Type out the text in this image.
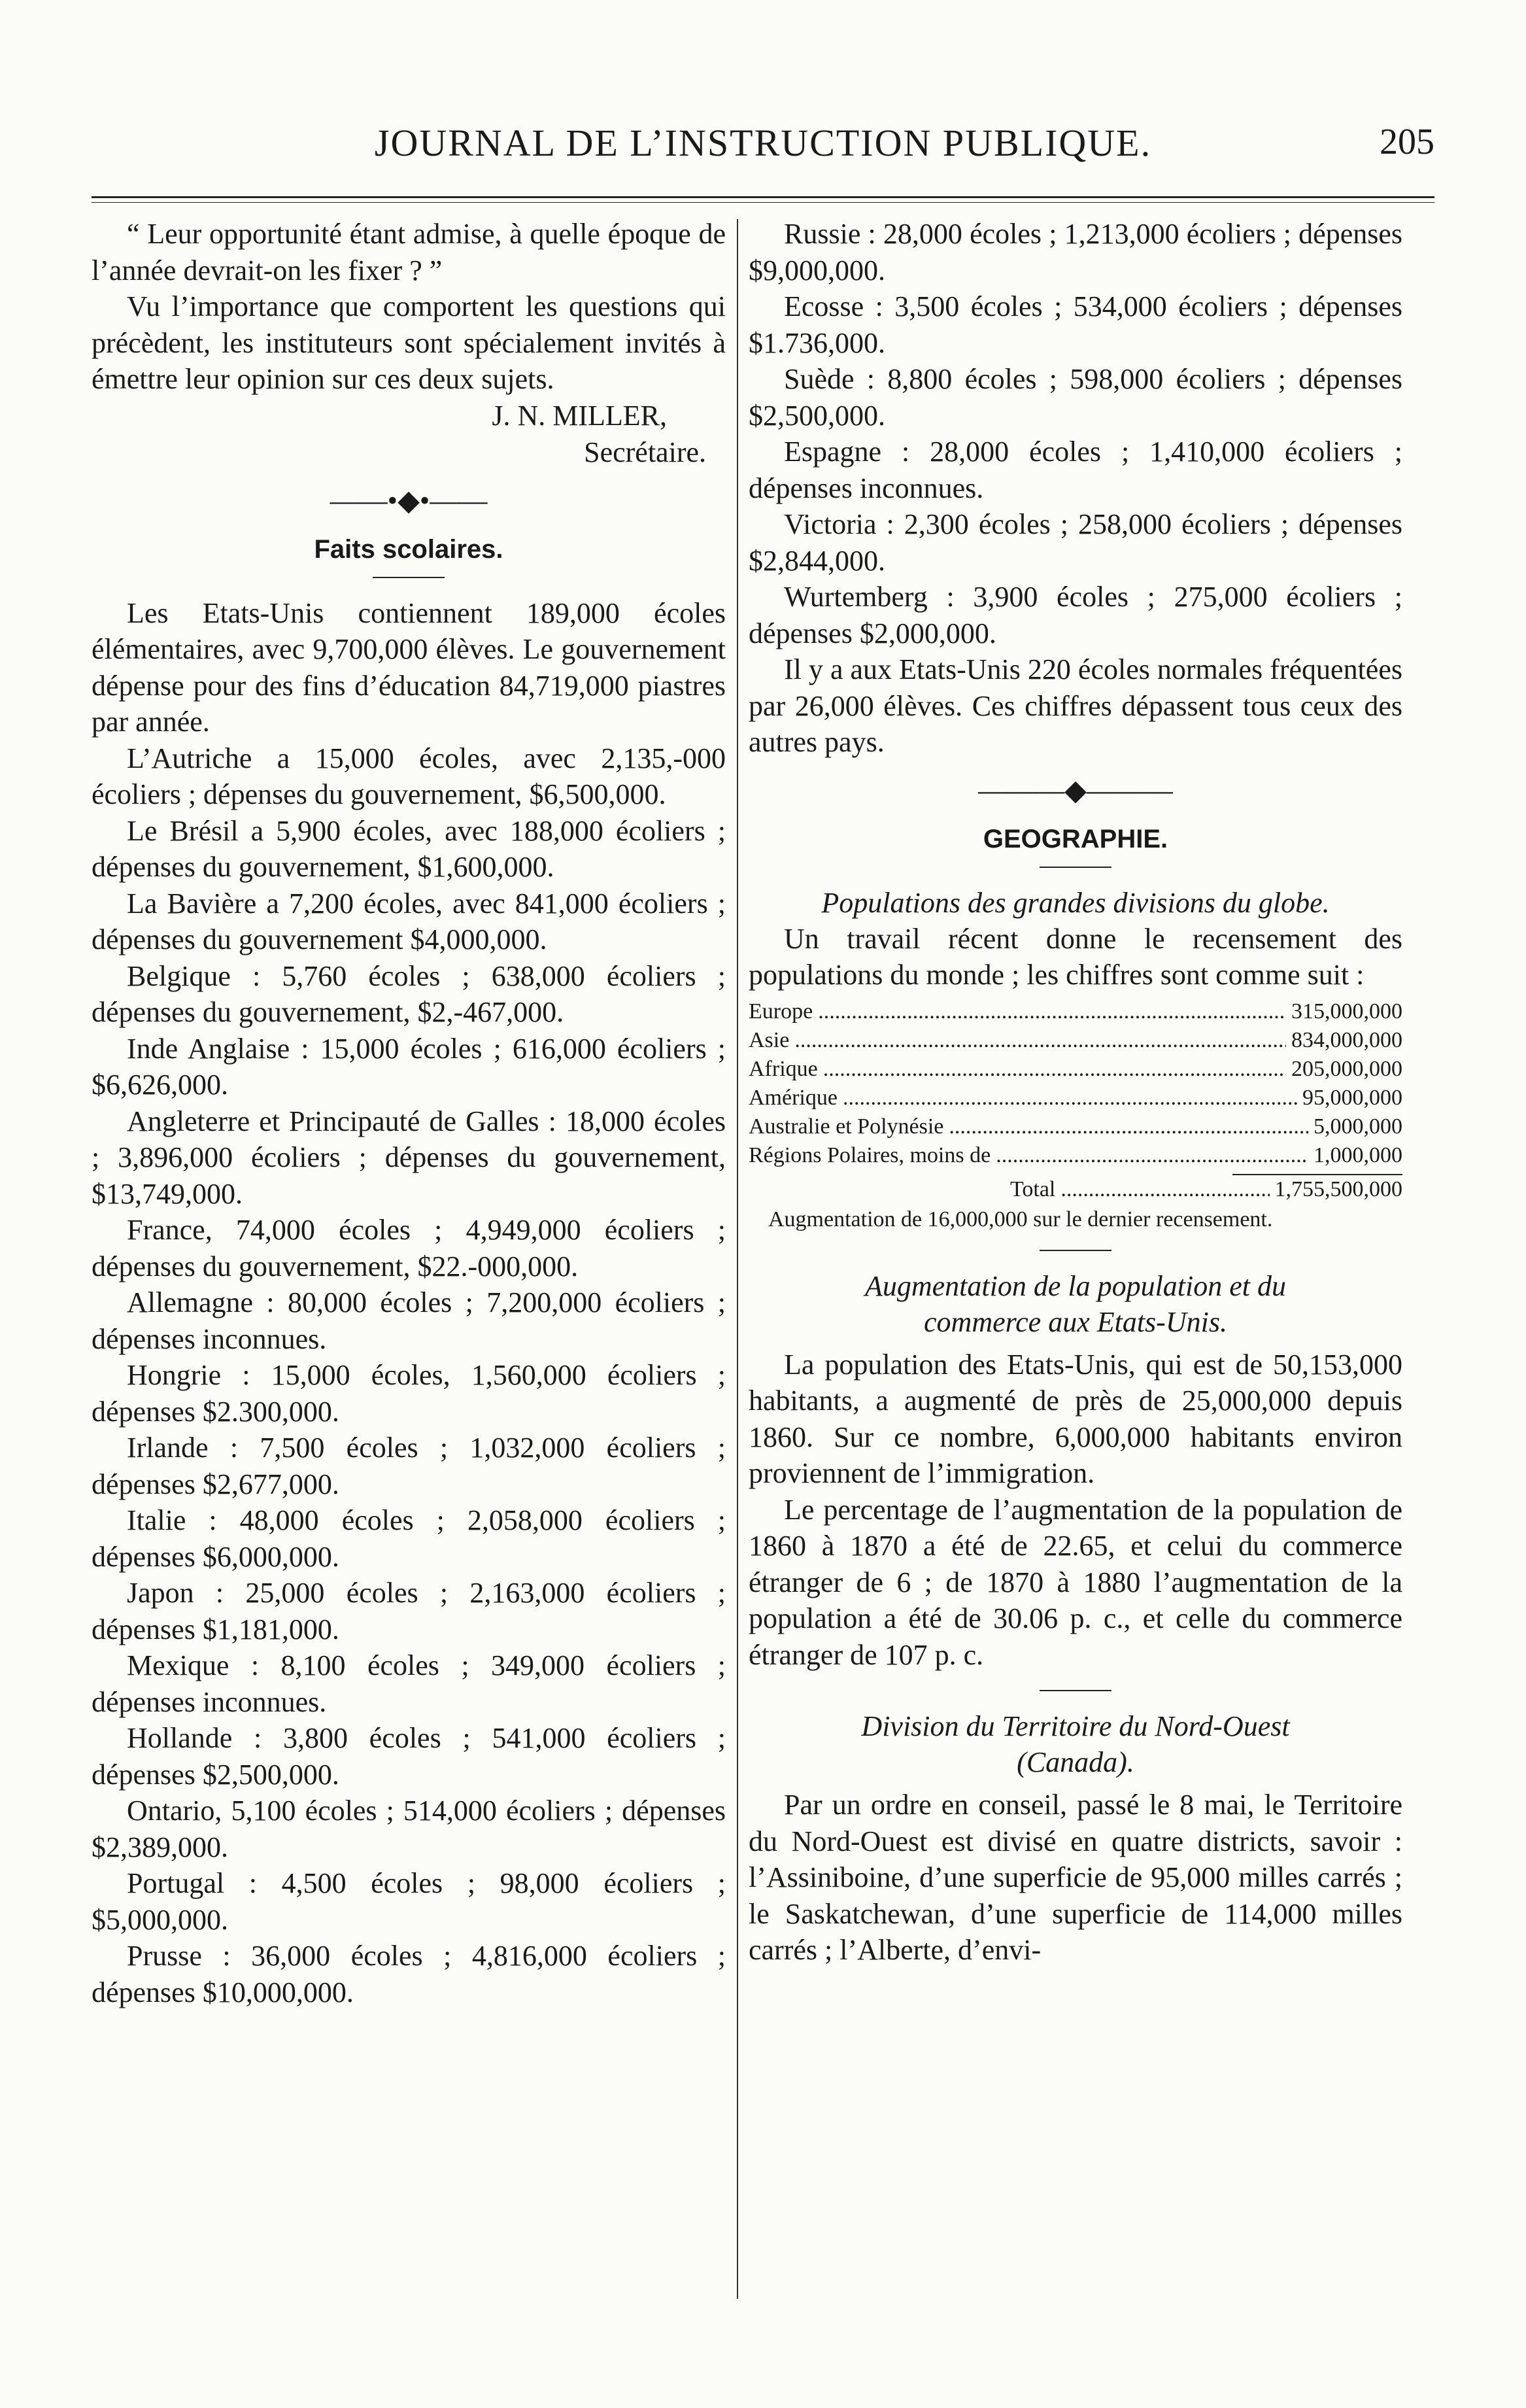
JOURNAL DE L’INSTRUCTION PUBLIQUE.	205

“ Leur opportunité étant admise, à quelle époque de l’année devrait-on les fixer ? ”

Vu l’importance que comportent les questions qui précèdent, les instituteurs sont spécialement invités à émettre leur opinion sur ces deux sujets.

J. N. MILLER,

Secrétaire.

——•◆•——
Faits scolaires.

Les Etats-Unis contiennent 189,000 écoles élémentaires, avec 9,700,000 élèves. Le gouvernement dépense pour des fins d’éducation 84,719,000 piastres par année.

L’Autriche a 15,000 écoles, avec 2,135,-000 écoliers ; dépenses du gouvernement, $6,500,000.

Le Brésil a 5,900 écoles, avec 188,000 écoliers ; dépenses du gouvernement, $1,600,000.

La Bavière a 7,200 écoles, avec 841,000 écoliers ; dépenses du gouvernement $4,000,000.

Belgique : 5,760 écoles ; 638,000 écoliers ; dépenses du gouvernement, $2,-467,000.

Inde Anglaise : 15,000 écoles ; 616,000 écoliers ; $6,626,000.

Angleterre et Principauté de Galles : 18,000 écoles ; 3,896,000 écoliers ; dépenses du gouvernement, $13,749,000.

France, 74,000 écoles ; 4,949,000 écoliers ; dépenses du gouvernement, $22.-000,000.

Allemagne : 80,000 écoles ; 7,200,000 écoliers ; dépenses inconnues.

Hongrie : 15,000 écoles, 1,560,000 écoliers ; dépenses $2.300,000.

Irlande : 7,500 écoles ; 1,032,000 écoliers ; dépenses $2,677,000.

Italie : 48,000 écoles ; 2,058,000 écoliers ; dépenses $6,000,000.

Japon : 25,000 écoles ; 2,163,000 écoliers ; dépenses $1,181,000.

Mexique : 8,100 écoles ; 349,000 écoliers ; dépenses inconnues.

Hollande : 3,800 écoles ; 541,000 écoliers ; dépenses $2,500,000.

Ontario, 5,100 écoles ; 514,000 écoliers ; dépenses $2,389,000.

Portugal : 4,500 écoles ; 98,000 écoliers ; $5,000,000.

Prusse : 36,000 écoles ; 4,816,000 écoliers ; dépenses $10,000,000.

Russie : 28,000 écoles ; 1,213,000 écoliers ; dépenses $9,000,000.

Ecosse : 3,500 écoles ; 534,000 écoliers ; dépenses $1.736,000.

Suède : 8,800 écoles ; 598,000 écoliers ; dépenses $2,500,000.

Espagne : 28,000 écoles ; 1,410,000 écoliers ; dépenses inconnues.

Victoria : 2,300 écoles ; 258,000 écoliers ; dépenses $2,844,000.

Wurtemberg : 3,900 écoles ; 275,000 écoliers ; dépenses $2,000,000.

Il y a aux Etats-Unis 220 écoles normales fréquentées par 26,000 élèves. Ces chiffres dépassent tous ceux des autres pays.

———◆———
GEOGRAPHIE.
Populations des grandes divisions du globe.

Un travail récent donne le recensement des populations du monde ; les chiffres sont comme suit :

Europe .....	315,000,000
Asie .....	834,000,000
Afrique .....	205,000,000
Amérique .....	95,000,000
Australie et Polynésie .....	5,000,000
Régions Polaires, moins de .....	1,000,000
Total .....	1,755,500,000

Augmentation de 16,000,000 sur le dernier recensement.

Augmentation de la population et du
commerce aux Etats-Unis.

La population des Etats-Unis, qui est de 50,153,000 habitants, a augmenté de près de 25,000,000 depuis 1860. Sur ce nombre, 6,000,000 habitants environ proviennent de l’immigration.

Le percentage de l’augmentation de la population de 1860 à 1870 a été de 22.65, et celui du commerce étranger de 6 ; de 1870 à 1880 l’augmentation de la population a été de 30.06 p. c., et celle du commerce étranger de 107 p. c.

Division du Territoire du Nord-Ouest
(Canada).

Par un ordre en conseil, passé le 8 mai, le Territoire du Nord-Ouest est divisé en quatre districts, savoir : l’Assiniboine, d’une superficie de 95,000 milles carrés ; le Saskatchewan, d’une superficie de 114,000 milles carrés ; l’Alberte, d’envi-
